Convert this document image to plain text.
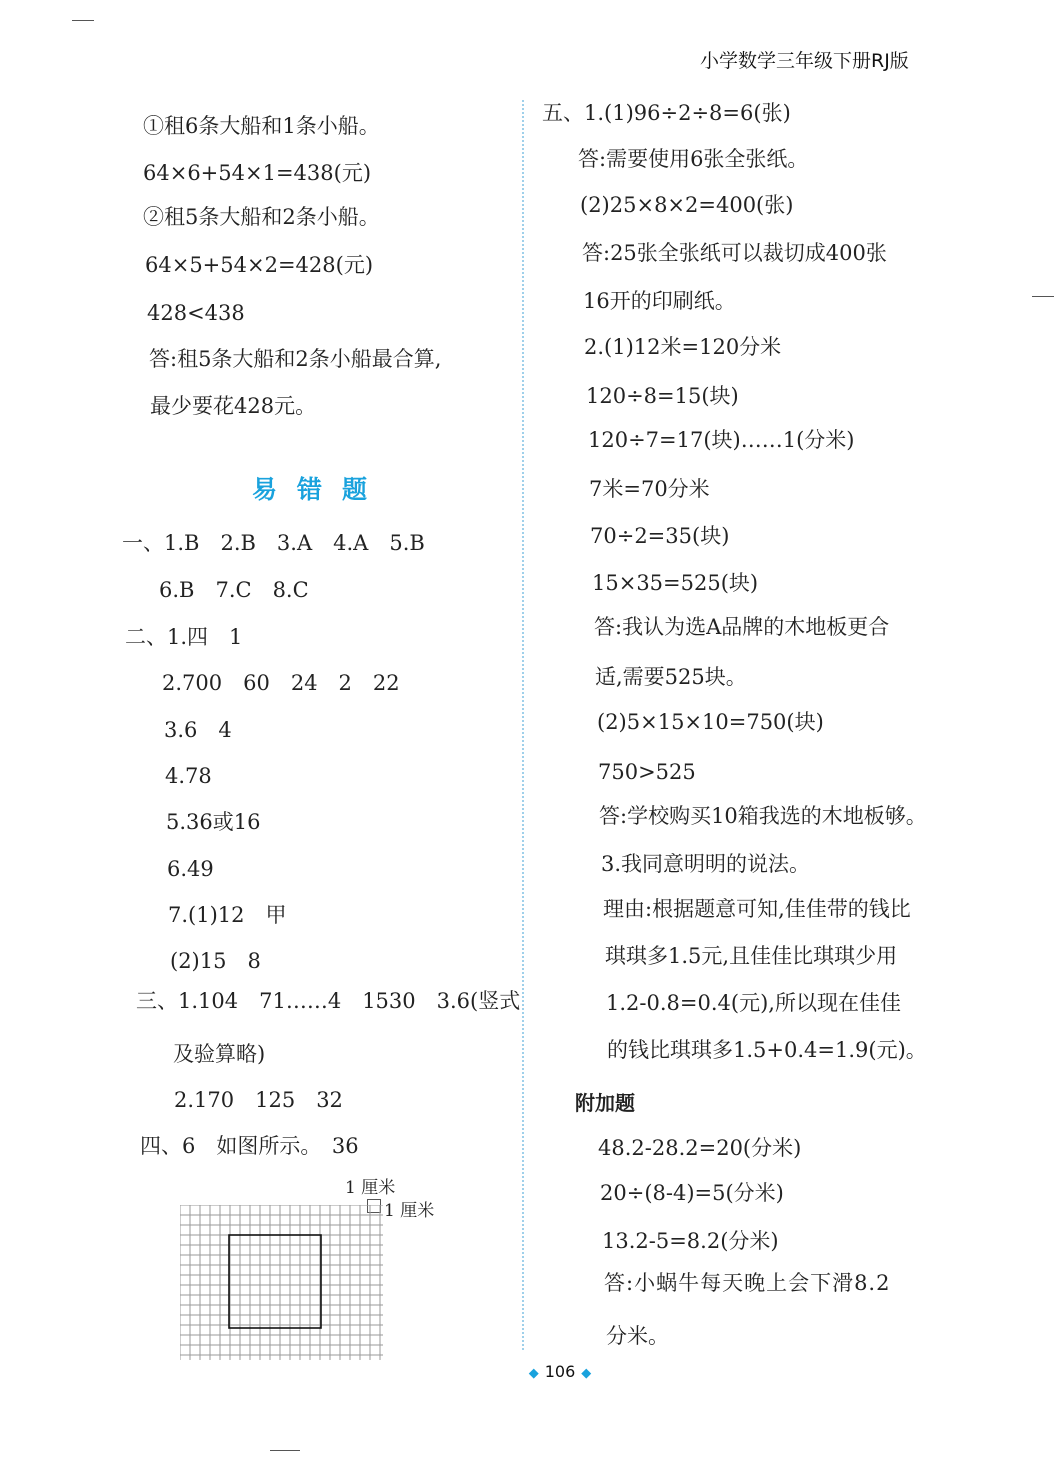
小学数学三年级下册RJ版
①租6条大船和1条小船。
64×6+54×1=438(元)
②租5条大船和2条小船。
64×5+54×2=428(元)
428<438
答:租5条大船和2条小船最合算,
最少要花428元。
易错题
一、1.B　2.B　3.A　4.A　5.B
6.B　7.C　8.C
二、1.四　1
2.700　60　24　2　22
3.6　4
4.78
5.36或16
6.49
7.(1)12　甲
(2)15　8
三、1.104　71……4　1530　3.6(竖式
及验算略)
2.170　125　32
四、6　如图所示。　36
1 厘米
1 厘米
五、1.(1)96÷2÷8=6(张)
答:需要使用6张全张纸。
(2)25×8×2=400(张)
答:25张全张纸可以裁切成400张
16开的印刷纸。
2.(1)12米=120分米
120÷8=15(块)
120÷7=17(块)……1(分米)
7米=70分米
70÷2=35(块)
15×35=525(块)
答:我认为选A品牌的木地板更合
适,需要525块。
(2)5×15×10=750(块)
750>525
答:学校购买10箱我选的木地板够。
3.我同意明明的说法。
理由:根据题意可知,佳佳带的钱比
琪琪多1.5元,且佳佳比琪琪少用
1.2-0.8=0.4(元),所以现在佳佳
的钱比琪琪多1.5+0.4=1.9(元)。
附加题
48.2-28.2=20(分米)
20÷(8-4)=5(分米)
13.2-5=8.2(分米)
答:小蜗牛每天晚上会下滑8.2
分米。
◆ 106 ◆
